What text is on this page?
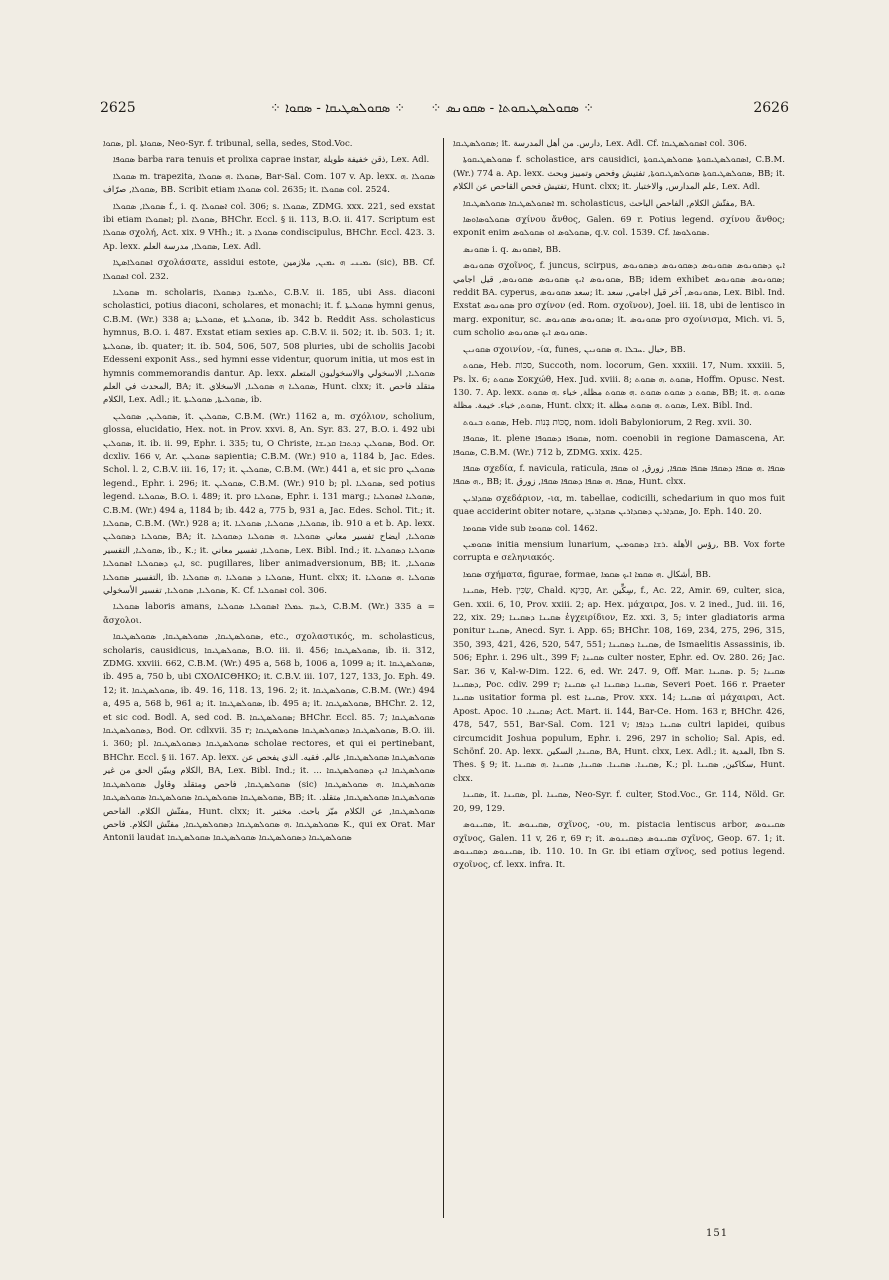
2625	⁘ ܣܩܘܠܣܛܝܩܐ ‐ ܣܩܘܐ ⁘ ⁘ ܣܩܘܠܣܛܝܩܘܬܐ ‐ ܣܩܘܢܣ ⁘	2626

ܣܩܘܐ, pl. ܣܩܘܐܬܐ, Neo-Syr. f. tribunal, sella, sedes, Stod.Voc.

ܣܩܘܦܐ barba rara tenuis et prolixa caprae instar, ذقن خفيفة طويلة, Lex. Adl.

ܣܩܘܠܐ m. trapezita, ܣܩܘܠܐ .ܗ ܣܩܘܠܐ, Bar-Sal. Com. 107 v. Ap. lexx. ܣܩܘܠܐ .ܗ ܣܩܘܠܐ, صرّاف, BB. Scribit etiam ܣܩܘܠܐ col. 2635; it. ܣܩܘܠܐ col. 2524.

ܣܩܘܠܐ, ܣܩܘܠܐ f., i. q. ܐܣܩܘܠܐ col. 306; s. ܣܩܘܠܐ, ZDMG. xxx. 221, sed exstat ibi etiam ܐܣܩܘܠܐ; pl. ܣܩܘܠܐ, BHChr. Eccl. § ii. 113, B.O. ii. 417. Scriptum est ܣܩܘܠܐ σχολή, Act. xix. 9 VHh.; it. ܣܩܘܠܐ ܕ condiscipulus, BHChr. Eccl. 423. 3. Ap. lexx. ܣܩܘܠܐ, مدرسة العلم, Lex. Adl.

ܐܣܩܘܠܐܣܛܐ σχολάσατε, assidui estote, ܝܡܝܢܝ ܗ ܝܡܝܢ, ملازمين (sic), BB. Cf. ܐܣܩܘܠܐ col. 232.

ܣܩܘܠܝܐ m. scholaris, ܬܠܡܝܕܐ ܕܣܩܘܠܐ, C.B.V. ii. 185, ubi Ass. diaconi scholastici, potius diaconi, scholares, et monachi; it. f. ܣܩܘܠܝܬܐ hymni genus, C.B.M. (Wr.) 338 a; ܣܩܘܠܝܬܐ, et ܣܩܘܠܝܬܐ, ib. 342 b. Reddit Ass. scholasticus hymnus, B.O. i. 487. Exstat etiam sexies ap. C.B.V. ii. 502; it. ib. 503. 1; it. ܣܩܘܠܝܬܐ, ib. quater; it. ib. 504, 506, 507, 508 pluries, ubi de scholiis Jacobi Edesseni exponit Ass., sed hymni esse videntur, quorum initia, ut mos est in hymnis commemorandis dantur. Ap. lexx. ܣܩܘܠܝܐ, الاسخولي والاسخوليون المتعلم المحدث في العلم, BA; it. ܣܩܘܠܝܐ ܗ ܣܩܘܠܝܐ, الاسخلاي, Hunt. clxx; it. متقلد فاحص الكلام, Lex. Adl.; it. ܣܩܘܠܝܬܐ, ܣܩܘܠܝܬܐ, ib.

ܣܩܘܠܝܢ, ܣܩܘܠܝܢ, it. ܣܩܘܠܝܢ, C.B.M. (Wr.) 1162 a, m. σχόλιον, scholium, glossa, elucidatio, Hex. not. in Prov. xxvi. 8, An. Syr. 83. 27, B.O. i. 492 ubi ܣܩܘܠܝܢ, it. ib. ii. 99, Ephr. i. 335; tu, O Christe, ܣܩܘܠܝܢ ܕܟܬܒܐ ܩܕܝܫܐ, Bod. Or. dcxliv. 166 v, Ar. ܣܩܘܠܝܢ sapientia; C.B.M. (Wr.) 910 a, 1184 b, Jac. Edes. Schol. l. 2, C.B.V. iii. 16, 17; it. ܣܩܘܠܝܢ, C.B.M. (Wr.) 441 a, et sic pro ܣܩܘܠܝܢ legend., Ephr. i. 296; it. ܣܩܘܠܝܢ, C.B.M. (Wr.) 910 b; pl. ܣܩܘܠܝܐ, sed potius legend. ܣܩܘܠܝܐ, B.O. i. 489; it. pro ܣܩܘܠܝܐ, Ephr. i. 131 marg.; ܣܩܘܠܝܐ ܐܣܩܘܠܝܐ, C.B.M. (Wr.) 494 a, 1184 b; ib. 442 a, 775 b, 931 a, Jac. Edes. Schol. Tit.; it. ܣܩܘܠܝܐ, C.B.M. (Wr.) 928 a; it. ܣܩܘܠܝܐ, ܣܩܘܠܝܐ, ܣܩܘܠܝܐ, ib. 910 a et b. Ap. lexx. ܣܩܘܠܝܐ ܕܣܩܘܠܝܢ, BA; it. ܣܩܘܠܝܐ, ايضاح تفسير معاني ܣܩܘܠܝܐ .ܗ ܣܩܘܠܝܐ ܕܣܩܘܠܝܐ ܣܩܘܠܝܐ, التفسير, ib., K.; it. ܣܩܘܠܝܐ, تفسير معاني, Lex. Bibl. Ind.; it. ܣܩܘܠܝܐ ܕܣܩܘܠܝܐ ܐܝܟ ܕܣܩܘܠܝܐ ܐܣܩܘܠܝܐ, sc. pugillares, liber animadversionum, BB; it. ܣܩܘܠܝܐ, التفسير ܣܩܘܠܝܐ, ib. ܣܩܘܠܝܐ ܕ ܣܩܘܠܝܐ .ܗ ܣܩܘܠܝܐ, Hunt. clxx; it. ܣܩܘܠܝܐ .ܗ ܣܩܘܠܝܐ ܣܩܘܠܝܐ, ܣܩܘܠܝܐ, تفسير الأسخولي, K. Cf. ܐܣܩܘܠܝܐ col. 306.

ܣܩܘܠܝܐ laboris amans, ܪܚܡ ܥܡܠܐ ܐܣܩܘܠܝܐ ܣܩܘܠܝܐ, C.B.M. (Wr.) 335 a = ἄσχολοι.

ܣܩܘܠܣܛܝܩܐ, ܣܩܘܠܣܛܝܩܐ, ܣܩܘܠܣܛܝܩܐ, etc., σχολαστικός, m. scholasticus, scholaris, causidicus, ܣܩܘܠܣܛܝܩܐ, B.O. iii. ii. 456; ܣܩܘܠܣܛܝܩܐ, ib. ii. 312, ZDMG. xxviii. 662, C.B.M. (Wr.) 495 a, 568 b, 1006 a, 1099 a; it. ܣܩܘܠܣܛܝܩܐ, ib. 495 a, 750 b, ubi CXOΛICΘHKO; it. C.B.V. iii. 107, 127, 133, Jo. Eph. 49. 12; it. ܣܩܘܠܣܛܝܩܐ, ib. 49. 16, 118. 13, 196. 2; it. ܣܩܘܠܣܛܝܩܐ, C.B.M. (Wr.) 494 a, 495 a, 568 b, 961 a; it. ܣܩܘܠܣܛܝܩܐ, ib. 495 a; it. ܣܩܘܠܣܛܝܩܐ, BHChr. 2. 12, et sic cod. Bodl. A, sed cod. B. ܣܩܘܠܣܛܝܩܐ; BHChr. Eccl. 85. 7; ܣܩܘܠܣܛܝܩܐ ܕܣܩܘܠܣܛܝܩܐ, Bod. Or. cdlxvii. 35 r; ܣܩܘܠܣܛܝܩܐ ܕܣܩܘܠܣܛܝܩܐ ܣܩܘܠܣܛܝܩܐ, B.O. iii. i. 360; pl. ܣܩܘܠܣܛܝܩܐ ܕܣܩܘܠܣܛܝܩܐ scholae rectores, et qui ei pertinebant, BHChr. Eccl. § ii. 167. Ap. lexx. ܣܩܘܠܣܛܝܩܐ ܣܩܘܠܣܛܝܩܐ, عالم. فقيه. الذي يفحص عن الكلام ويبيّن الحق من غير, BA, Lex. Bibl. Ind.; it. ... ܣܩܘܠܣܛܝܩܐ ܐܝܟ ܕܣܩܘܠܣܛܝܩܐ ܣܩܘܠܣܛܝܩܐ, فاحص ومتقلد وقاول ܣܩܘܠܣܛܝܩܐ (sic) ܣܩܘܠܣܛܝܩܐ .ܗ ܣܩܘܠܣܛܝܩܐ ܣܩܘܠܣܛܝܩܐ ܣܩܘܠܣܛܝܩܐ ܣܩܘܠܣܛܝܩܐ ܣܩܘܠܣܛܝܩܐ, BB; it. ܣܩܘܠܣܛܝܩܐ ܣܩܘܠܣܛܝܩܐ, متقلد. مفتّش الكلام. الفاحص, Hunt. clxx; it. ܣܩܘܠܣܛܝܩܐ, عن الكلام ميّز باحث. مختبر ܣܩܘܠܣܛܝܩܐ .ܗ ܣܩܘܠܣܛܝܩܐ ܕܣܩܘܠܣܛܝܩܐ, مفتّش الكلام. فاحص K., qui ex Orat. Mar Antonii laudat ܣܩܘܠܣܛܝܩܐ ܕܣܩܘܠܣܛܝܩܐ ܣܩܘܠܣܛܝܩܐ ܣܩܘܠܣܛܝܩܐ

ܣܩܘܠܣܛܝܩܐ; it. دارس. من أهل المدرسة, Lex. Adl. Cf. ܐܣܩܘܠܣܛܝܩܐ col. 306.

ܣܩܘܠܣܛܝܩܘܬܐ f. scholastice, ars causidici, ܐܣܩܘܠܣܛܝܩܘܬܐ ܣܩܘܠܣܛܝܩܘܬܐ, C.B.M. (Wr.) 774 a. Ap. lexx. ܣܩܘܠܣܛܝܩܘܬܐ ܣܩܘܠܣܛܝܩܘܬܐ, تفتيش وفحص وتمييز وبحث, BB; it. تفتيش فحص القاحص عن الكلام, Hunt. clxx; it. علم المدارس, والاختبار, Lex. Adl.

ܐܣܩܘܠܣܛܝܩܐ ܣܩܘܠܣܛܝܩܐ m. scholasticus, مفتّش الكلام, الفاحص الباحث, BA.

ܣܩܘܠܘܣܐܘܣܐ σχίνου ἄνθος, Galen. 69 r. Potius legend. σχίνου ἄνθος; exponit enim ܣܩܘܠܘܣ ܐܘ ܣܩܘܠܘܣ, q.v. col. 1539. Cf. ܣܩܘܠܘܣܐ.

ܣܩܘܢܣ i. q. ܐܣܩܘܢܣ, BB.

ܣܩܘܢܘܣ σχοῖνος, f. juncus, scirpus, ܐܝܟ ܕܣܩܘܢܘܣ ܣܩܘܢܘܣ ܕܣܩܘܢܘܣ ܕܣܩܘܢܘܣ ܣܩܘܢܘܣ ܐܝܟ ܣܩܘܢܘܣ ܣܩܘܢܘܣ, قيل اجامي, BB; idem exhibet ܣܩܘܢܘܣ ܣܩܘܢܘܣ; reddit BA. cyperus, سعد ܣܩܘܢܘܣ; it. ܣܩܘܢܘܣ, آخر قيل اجامي, سعد, Lex. Bibl. Ind. Exstat ܣܩܘܢܘܣ pro σχίνον (ed. Rom. σχοῖνον), Joel. iii. 18, ubi de lentisco in marg. exponitur, sc. ܣܩܘܢܘܣ ܣܩܘܢܘܣ; it. ܣܩܘܢܘܣ pro σχοίνισμα, Mich. vi. 5, cum scholio ܣܩܘܢܘܣ ܐܝܟ ܣܩܘܢܘܣ.

ܣܩܘܢܝܢ σχοινίον, -ία, funes, حبال .ܚܒܠܐ .ܗ ܣܩܘܢܝܢ, BB.

ܣܩܘܬ, Heb. סכּוֹת, Succoth, nom. locorum, Gen. xxxiii. 17, Num. xxxiii. 5, Ps. lx. 6; ܣܩܘܬ Σοκχώθ, Hex. Jud. xviii. 8; ܣܩܘܬ .ܗ ܣܩܘܬ, Hoffm. Opusc. Nest. 130. 7. Ap. lexx. ܣܩܘܬ ܕ ܣܩܘܬ ܣܩܘܬ .ܗ ܣܩܘܬ مظلة, خباء .ܗ ܣܩܘܬ, BB; it. ܣܩܘܬ .ܗ ܣܩܘܬ, خباء. خيمة. مظلة, Hunt. clxx; it. ܣܩܘܬ .ܗ ܣܩܘܬ مظلة, Lex. Bibl. Ind.

ܣܩܘܬ ܒܢܘܬ, Heb. סֻכּוֹת בְּנוֹת, nom. idoli Babyloniorum, 2 Reg. xvii. 30.

ܣܩܘܦܐ, it. plene ܣܩܘܦܐ ܕܣܩܘܦܐ, nom. coenobii in regione Damascena, Ar. ܣܩܘܦܐ, C.B.M. (Wr.) 712 b, ZDMG. xxix. 425.

ܣܩܦܐ σχεδία, f. navicula, raticula, ܣܩܦܐ .ܗ ܣܩܦܐ ܕܣܩܦܐ ܣܩܦܐ ܣܩܦܐ, زورق, ܐܘ ܣܩܦܐ .ܗ ܣܩܦܐ, BB; it. ܣܩܦܐ .ܗ ܣܩܦܐ ܕܣܩܦܐ ܣܩܦܐ, زورق, Hunt. clxx.

ܣܩܕܐܪܝܢ σχεδάριον, -ια, m. tabellae, codicilli, schedarium in quo mos fuit quae acciderint obiter notare, ܣܩܕܐܪܝܢ ܕܣܩܕܐܪܝܢ ܣܩܕܐܪܝܢ, Jo. Eph. 140. 20.

ܣܩܘܡܐ vide sub ܣܩܘܡܐ col. 1462.

ܣܩܘܡܝܢ initia mensium lunarium, رؤس الأهلة .ܪܫܐ ܕܣܩܘܡܝܢ, BB. Vox forte corrupta e σεληνιακός.

ܣܩܡܐ σχήματα, figurae, formae, أشكال .ܗ ܣܩܡܐ ܐܝܟ ܣܩܡܐ, BB.

ܣܩܝܢܐ, Heb. שַׂכִּין, Chald. סַכִּינָא, Ar. سِكِّين, f., Ac. 22, Amir. 69, culter, sica, Gen. xxii. 6, 10, Prov. xxiii. 2; ap. Hex. μάχαιρα, Jos. v. 2 ined., Jud. iii. 16, 22, xix. 29; ܣܩܝܢܐ ܕܣܩܝܢܐ ἐγχειρίδιον, Ez. xxi. 3, 5; inter gladiatoris arma ponitur ܣܩܝܢܐ, Anecd. Syr. i. App. 65; BHChr. 108, 169, 234, 275, 296, 315, 350, 393, 421, 426, 520, 547, 551; ܣܩܝܢܐ ܕܣܩܝܢܐ, de Ismaelitis Assassinis, ib. 506; Ephr. i. 296 ult., 399 F; ܣܩܝܢܐ culter noster, Ephr. ed. Ov. 280. 26; Jac. Sar. 36 v, Kal-w-Dim. 122. 6, ed. Wr. 247. 9, Off. Mar. ܣܩܝܢܐ. p. 5; ܣܩܝܢܐ ܕܣܩܝܢܐ, Poc. cdiv. 299 r; ܣܩܝܢܐ ܕܣܩܝܢܐ ܐܝܟ ܣܩܝܢܐ, Severi Poet. 166 r. Praeter ܣܩܝܢܐ usitatior forma pl. est ܣܩܝܢܐ, Prov. xxx. 14; ܣܩܝܢܐ αἱ μάχαιραι, Act. Apost. Apoc. ܣܩܝܢܐ. 10; Act. Mart. ii. 144, Bar-Ce. Hom. 163 r, BHChr. 426, 478, 547, 551, Bar-Sal. Com. 121 v; ܣܩܝܢܐ ܕܟܐܦܐ cultri lapidei, quibus circumcidit Joshua populum, Ephr. i. 296, 297 in scholio; Sal. Apis, ed. Schönf. 20. Ap. lexx. ܣܩܝܢܐ, السكين, BA, Hunt. clxx, Lex. Adl.; it. المدية, Ibn S. Thes. § 9; it. ܣܩܝܢܐ. ܣܩܝܢܐ. ܣܩܝܢܐ, ܣܩܝܢܐ .ܗ ܣܩܝܢܐ, K.; pl. سكاكين, ܣܩܝܢܐ, Hunt. clxx.

ܣܩܝܢܐ, it. ܣܩܝܢܐ, pl. ܣܩܝܢܐ, Neo-Syr. f. culter, Stod.Voc., Gr. 114, Nöld. Gr. 20, 99, 129.

ܣܩܝܢܘܣ, it. ܣܩܝܢܘܣ, σχῖνος, -ου, m. pistacia lentiscus arbor, ܣܩܝܢܘܣ σχῖνος, Galen. 11 v, 26 r, 69 r; it. ܣܩܝܢܘܣ ܕܣܩܝܢܘܣ σχῖνος, Geop. 67. 1; it. ܣܩܝܢܘܣ ܕܣܩܝܢܘܣ, ib. 110. 10. In Gr. ibi etiam σχῖνος, sed potius legend. σχοῖνος, cf. lexx. infra. It.

151
